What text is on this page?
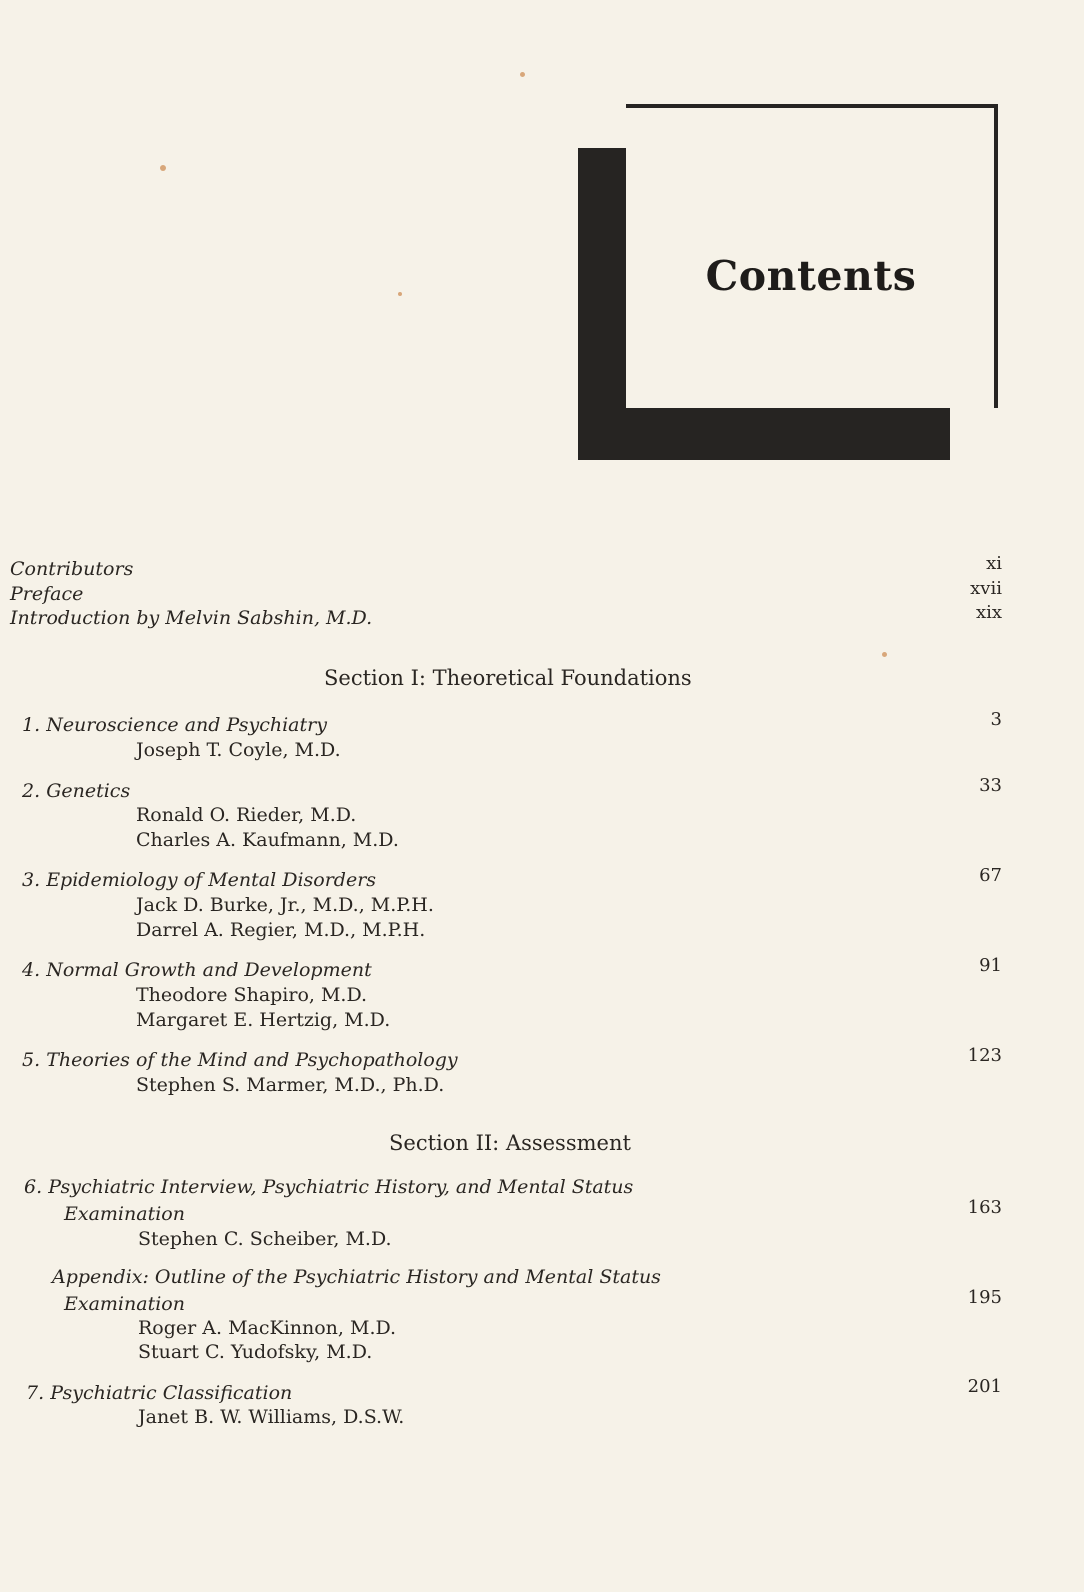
Contents
Contributors	xi
Preface	xvii
Introduction by Melvin Sabshin, M.D.	xix
Section I: Theoretical Foundations
1. Neuroscience and Psychiatry	3
Joseph T. Coyle, M.D.
2. Genetics	33
Ronald O. Rieder, M.D.
Charles A. Kaufmann, M.D.
3. Epidemiology of Mental Disorders	67
Jack D. Burke, Jr., M.D., M.P.H.
Darrel A. Regier, M.D., M.P.H.
4. Normal Growth and Development	91
Theodore Shapiro, M.D.
Margaret E. Hertzig, M.D.
5. Theories of the Mind and Psychopathology	123
Stephen S. Marmer, M.D., Ph.D.
Section II: Assessment
6. Psychiatric Interview, Psychiatric History, and Mental Status
Examination	163
Stephen C. Scheiber, M.D.
Appendix: Outline of the Psychiatric History and Mental Status
Examination	195
Roger A. MacKinnon, M.D.
Stuart C. Yudofsky, M.D.
7. Psychiatric Classification	201
Janet B. W. Williams, D.S.W.
